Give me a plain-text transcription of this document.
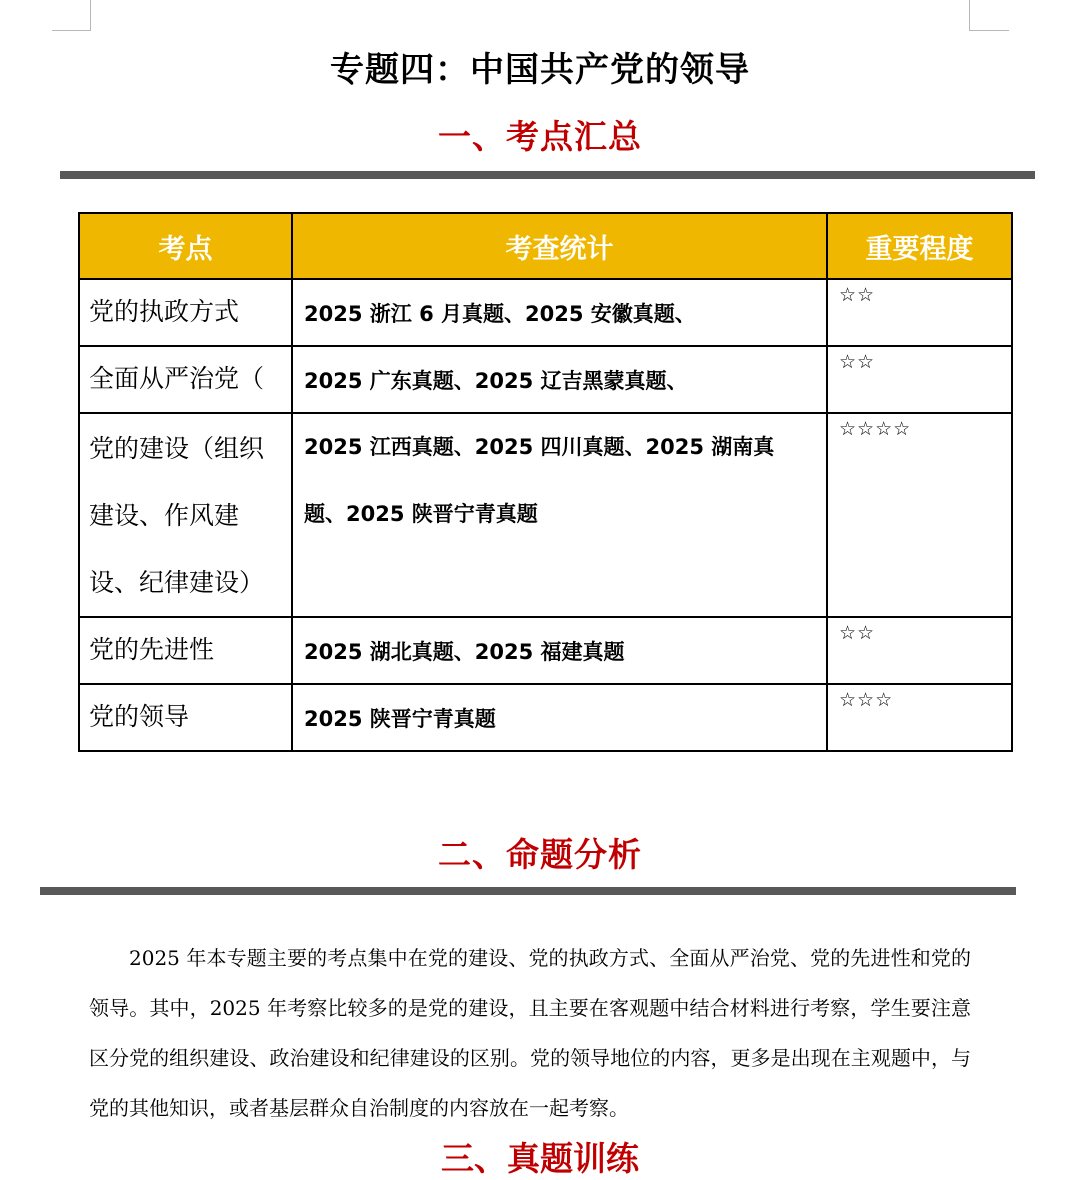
专题四：中国共产党的领导
一、考点汇总
考点	考查统计	重要程度
党的执政方式	2025 浙江 6 月真题、2025 安徽真题、	☆☆
全面从严治党（	2025 广东真题、2025 辽吉黑蒙真题、	☆☆
党的建设（组织建设、作风建设、纪律建设）	2025 江西真题、2025 四川真题、2025 湖南真题、2025 陕晋宁青真题	☆☆☆☆
党的先进性	2025 湖北真题、2025 福建真题	☆☆
党的领导	2025 陕晋宁青真题	☆☆☆
二、命题分析
2025 年本专题主要的考点集中在党的建设、党的执政方式、全面从严治党、党的先进性和党的领导。其中，2025 年考察比较多的是党的建设，且主要在客观题中结合材料进行考察，学生要注意区分党的组织建设、政治建设和纪律建设的区别。党的领导地位的内容，更多是出现在主观题中，与党的其他知识，或者基层群众自治制度的内容放在一起考察。
三、真题训练
